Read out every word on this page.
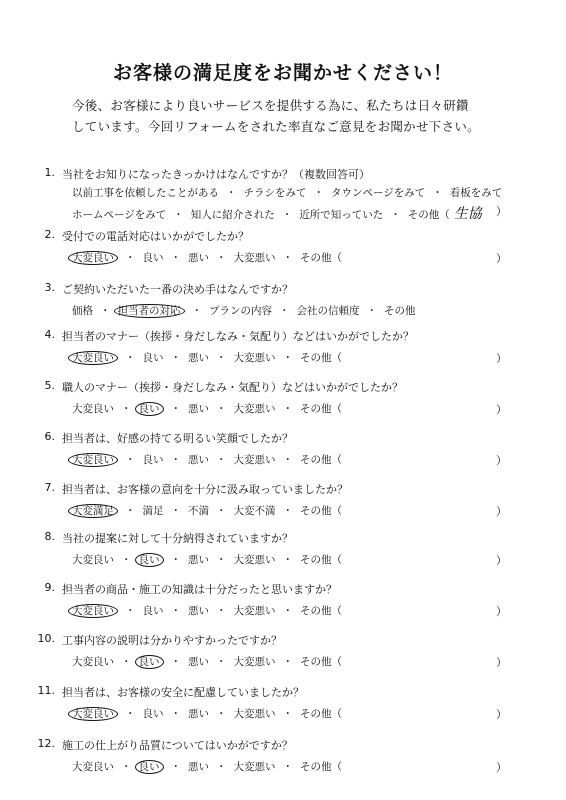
お客様の満足度をお聞かせください！
今後、お客様により良いサービスを提供する為に、私たちは日々研鑽
しています。今回リフォームをされた率直なご意見をお聞かせ下さい。
1. 当社をお知りになったきっかけはなんですか？（複数回答可）
以前工事を依頼したことがある ・ チラシをみて ・ タウンページをみて ・ 看板をみて
ホームページをみて ・ 知人に紹介された ・ 近所で知っていた ・ その他（ 生協 ）
2. 受付での電話対応はいかがでしたか？
大変良い ・ 良い ・ 悪い ・ 大変悪い ・ その他（	）
3. ご契約いただいた一番の決め手はなんですか？
価格 ・ 担当者の対応 ・ プランの内容 ・ 会社の信頼度 ・ その他
4. 担当者のマナー（挨拶・身だしなみ・気配り）などはいかがでしたか？
大変良い ・ 良い ・ 悪い ・ 大変悪い ・ その他（	）
5. 職人のマナー（挨拶・身だしなみ・気配り）などはいかがでしたか？
大変良い ・ 良い ・ 悪い ・ 大変悪い ・ その他（	）
6. 担当者は、好感の持てる明るい笑顔でしたか？
大変良い ・ 良い ・ 悪い ・ 大変悪い ・ その他（	）
7. 担当者は、お客様の意向を十分に汲み取っていましたか？
大変満足 ・ 満足 ・ 不満 ・ 大変不満 ・ その他（	）
8. 当社の提案に対して十分納得されていますか？
大変良い ・ 良い ・ 悪い ・ 大変悪い ・ その他（	）
9. 担当者の商品・施工の知識は十分だったと思いますか？
大変良い ・ 良い ・ 悪い ・ 大変悪い ・ その他（	）
10. 工事内容の説明は分かりやすかったですか？
大変良い ・ 良い ・ 悪い ・ 大変悪い ・ その他（	）
11. 担当者は、お客様の安全に配慮していましたか？
大変良い ・ 良い ・ 悪い ・ 大変悪い ・ その他（	）
12. 施工の仕上がり品質についてはいかがですか？
大変良い ・ 良い ・ 悪い ・ 大変悪い ・ その他（	）
